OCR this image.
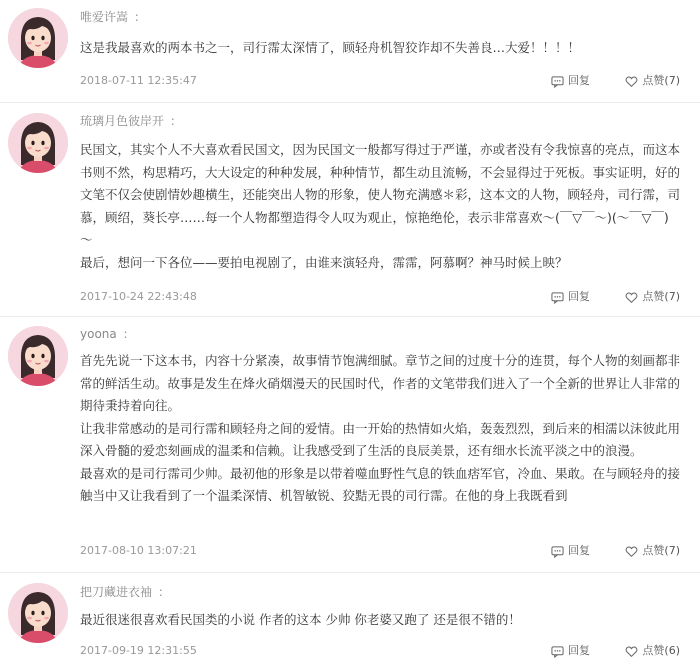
唯爱许嵩 ：

这是我最喜欢的两本书之一，司行霈太深情了，顾轻舟机智狡诈却不失善良…大爱！！！！

2018-07-11 12:35:47	回复	点赞(7)
琉璃月色彼岸开 ：

民国文，其实个人不大喜欢看民国文，因为民国文一般都写得过于严谨，亦或者没有令我惊喜的亮点，而这本书则不然，构思精巧，大大设定的种种发展，种种情节，都生动且流畅，不会显得过于死板。事实证明，好的文笔不仅会使剧情妙趣横生，还能突出人物的形象，使人物充满感＊彩，这本文的人物，顾轻舟，司行霈，司慕，顾绍，葵长亭……每一个人物都塑造得令人叹为观止，惊艳绝伦，表示非常喜欢～(￣▽￣～)(～￣▽￣)～

最后，想问一下各位——要拍电视剧了，由谁来演轻舟，霈霈，阿慕啊？神马时候上映？

2017-10-24 22:43:48	回复	点赞(7)
yoona ：

首先先说一下这本书，内容十分紧凑，故事情节饱满细腻。章节之间的过度十分的连贯，每个人物的刻画都非常的鲜活生动。故事是发生在烽火硝烟漫天的民国时代，作者的文笔带我们进入了一个全新的世界让人非常的期待秉持着向往。

让我非常感动的是司行霈和顾轻舟之间的爱情。由一开始的热情如火焰，轰轰烈烈，到后来的相濡以沫彼此用深入骨髓的爱恋刻画成的温柔和信赖。让我感受到了生活的良辰美景，还有细水长流平淡之中的浪漫。

最喜欢的是司行霈司少帅。最初他的形象是以带着噬血野性气息的铁血痞军官，冷血、果敢。在与顾轻舟的接触当中又让我看到了一个温柔深情、机智敏锐、狡黠无畏的司行霈。在他的身上我既看到

2017-08-10 13:07:21	回复	点赞(7)
把刀藏进衣袖 ：

最近很迷很喜欢看民国类的小说 作者的这本 少帅 你老婆又跑了 还是很不错的！

2017-09-19 12:31:55	回复	点赞(6)
